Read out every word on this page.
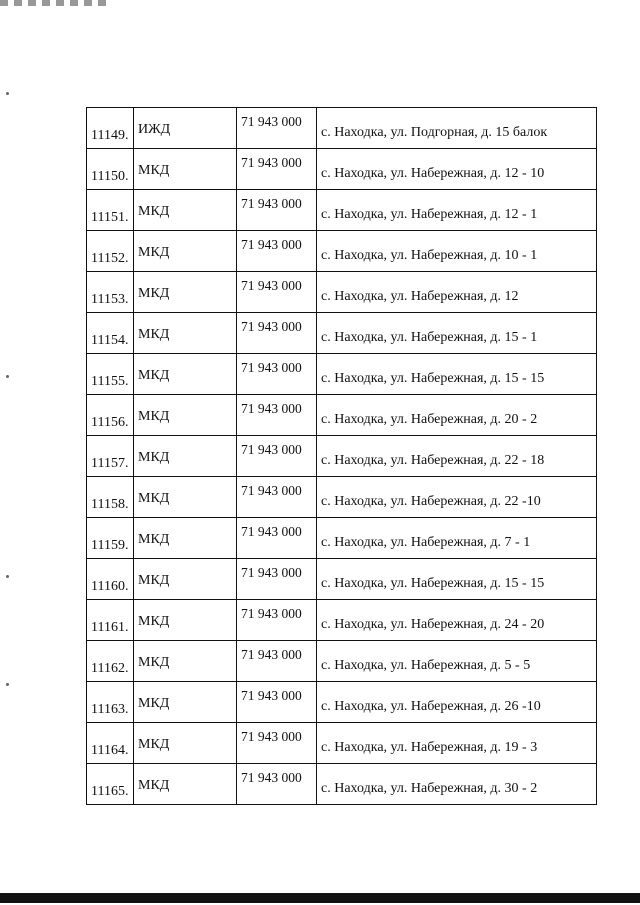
11149.	ИЖД	71 943 000	с. Находка, ул. Подгорная, д. 15 балок

11150.	МКД	71 943 000	с. Находка, ул. Набережная, д. 12 - 10

11151.	МКД	71 943 000	с. Находка, ул. Набережная, д. 12 - 1

11152.	МКД	71 943 000	с. Находка, ул. Набережная, д. 10 - 1

11153.	МКД	71 943 000	с. Находка, ул. Набережная, д. 12

11154.	МКД	71 943 000	с. Находка, ул. Набережная, д. 15 - 1

11155.	МКД	71 943 000	с. Находка, ул. Набережная, д. 15 - 15

11156.	МКД	71 943 000	с. Находка, ул. Набережная, д. 20 - 2

11157.	МКД	71 943 000	с. Находка, ул. Набережная, д. 22 - 18

11158.	МКД	71 943 000	с. Находка, ул. Набережная, д. 22 -10

11159.	МКД	71 943 000	с. Находка, ул. Набережная, д. 7 - 1

11160.	МКД	71 943 000	с. Находка, ул. Набережная, д. 15 - 15

11161.	МКД	71 943 000	с. Находка, ул. Набережная, д. 24 - 20

11162.	МКД	71 943 000	с. Находка, ул. Набережная, д. 5 - 5

11163.	МКД	71 943 000	с. Находка, ул. Набережная, д. 26 -10

11164.	МКД	71 943 000	с. Находка, ул. Набережная, д. 19 - 3

11165.	МКД	71 943 000	с. Находка, ул. Набережная, д. 30 - 2
